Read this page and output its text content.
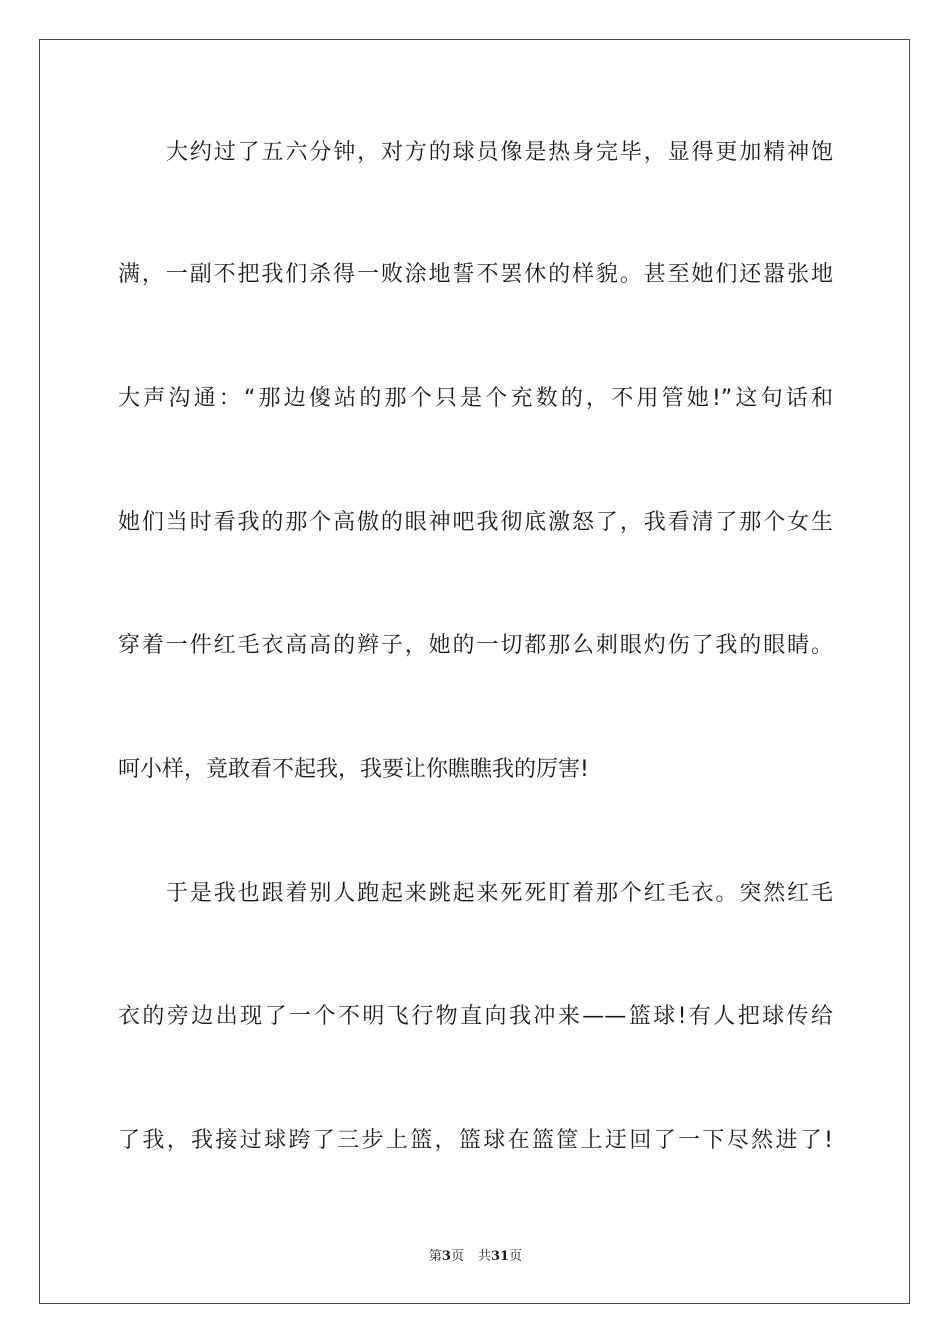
大约过了五六分钟，对方的球员像是热身完毕，显得更加精神饱

满，一副不把我们杀得一败涂地誓不罢休的样貌。甚至她们还嚣张地

大声沟通：“那边傻站的那个只是个充数的，不用管她!”这句话和

她们当时看我的那个高傲的眼神吧我彻底激怒了，我看清了那个女生

穿着一件红毛衣高高的辫子，她的一切都那么刺眼灼伤了我的眼睛。

呵小样，竟敢看不起我，我要让你瞧瞧我的厉害!

于是我也跟着别人跑起来跳起来死死盯着那个红毛衣。突然红毛

衣的旁边出现了一个不明飞行物直向我冲来——篮球!有人把球传给

了我，我接过球跨了三步上篮，篮球在篮筐上迂回了一下尽然进了!

第3页 共31页
